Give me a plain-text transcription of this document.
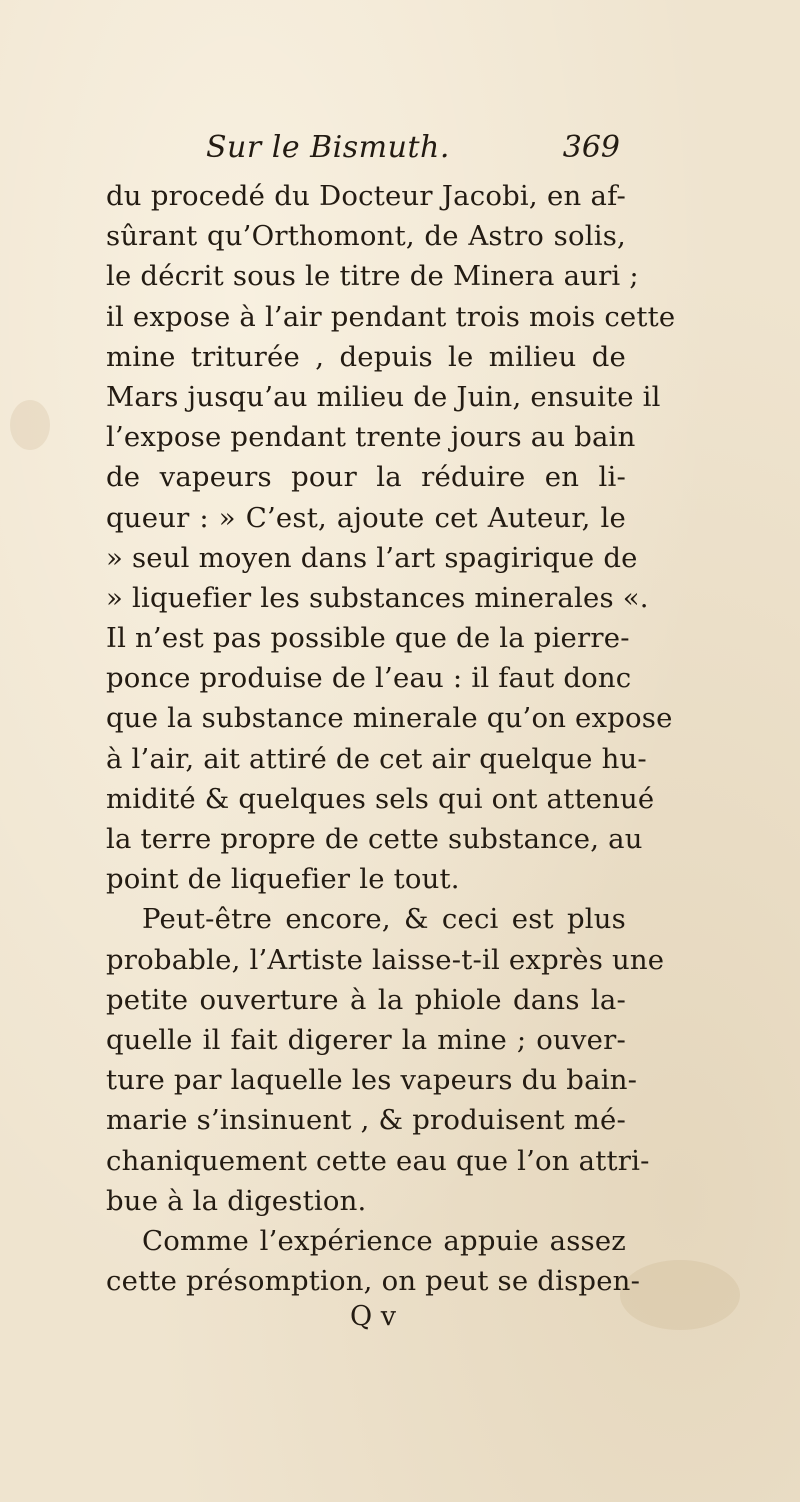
Sur le Bismuth.	369
du procedé du Docteur Jacobi, en af-
sûrant qu’Orthomont, de Astro solis,
le décrit sous le titre de Minera auri ;
il expose à l’air pendant trois mois cette
mine triturée , depuis le milieu de
Mars jusqu’au milieu de Juin, ensuite il
l’expose pendant trente jours au bain
de vapeurs pour la réduire en li-
queur : » C’est, ajoute cet Auteur, le
» seul moyen dans l’art spagirique de
» liquefier les substances minerales «.
Il n’est pas possible que de la pierre-
ponce produise de l’eau : il faut donc
que la substance minerale qu’on expose
à l’air, ait attiré de cet air quelque hu-
midité & quelques sels qui ont attenué
la terre propre de cette substance, au
point de liquefier le tout.
Peut-être encore, & ceci est plus
probable, l’Artiste laisse-t-il exprès une
petite ouverture à la phiole dans la-
quelle il fait digerer la mine ; ouver-
ture par laquelle les vapeurs du bain-
marie s’insinuent , & produisent mé-
chaniquement cette eau que l’on attri-
bue à la digestion.
Comme l’expérience appuie assez
cette présomption, on peut se dispen-
Q v
